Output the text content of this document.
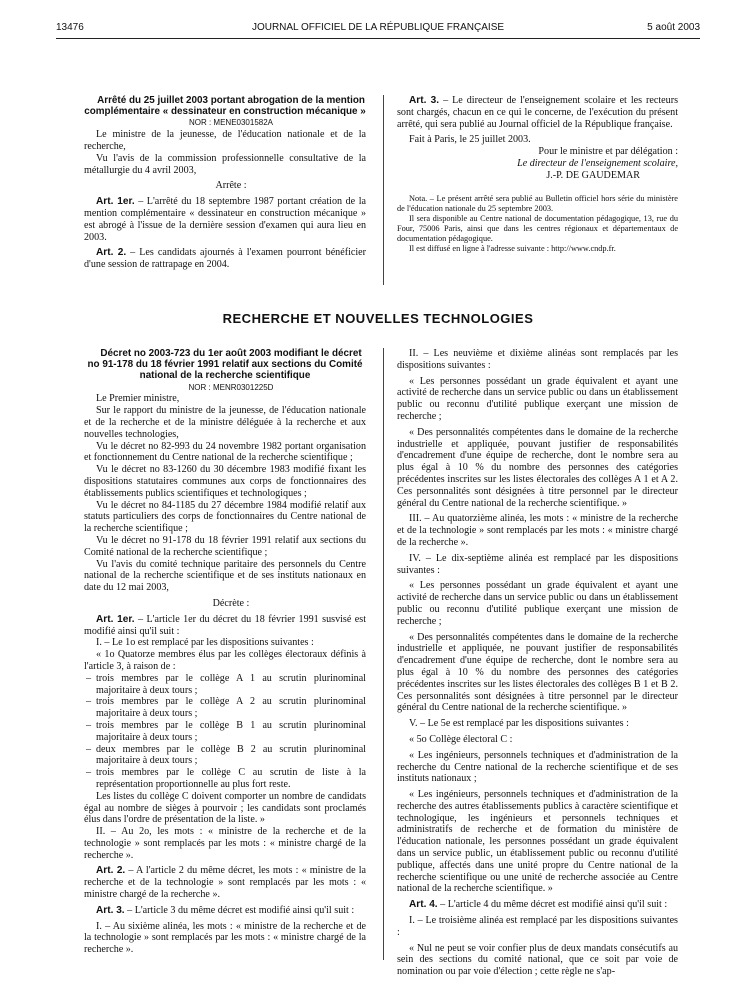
13476	JOURNAL OFFICIEL DE LA RÉPUBLIQUE FRANÇAISE	5 août 2003

Arrêté du 25 juillet 2003 portant abrogation de la mention complémentaire « dessinateur en construction mécanique »

NOR : MENE0301582A

Le ministre de la jeunesse, de l'éducation nationale et de la recherche,

Vu l'avis de la commission professionnelle consultative de la métallurgie du 4 avril 2003,

Arrête :

Art. 1er. – L'arrêté du 18 septembre 1987 portant création de la mention complémentaire « dessinateur en construction mécanique » est abrogé à l'issue de la dernière session d'examen qui aura lieu en 2003.

Art. 2. – Les candidats ajournés à l'examen pourront bénéficier d'une session de rattrapage en 2004.

Art. 3. – Le directeur de l'enseignement scolaire et les recteurs sont chargés, chacun en ce qui le concerne, de l'exécution du présent arrêté, qui sera publié au Journal officiel de la République française.

Fait à Paris, le 25 juillet 2003.

Pour le ministre et par délégation :

Le directeur de l'enseignement scolaire,

J.-P. DE GAUDEMAR

Nota. – Le présent arrêté sera publié au Bulletin officiel hors série du ministère de l'éducation nationale du 25 septembre 2003.

Il sera disponible au Centre national de documentation pédagogique, 13, rue du Four, 75006 Paris, ainsi que dans les centres régionaux et départementaux de documentation pédagogique.

Il est diffusé en ligne à l'adresse suivante : http://www.cndp.fr.

RECHERCHE ET NOUVELLES TECHNOLOGIES

Décret no 2003-723 du 1er août 2003 modifiant le décret no 91-178 du 18 février 1991 relatif aux sections du Comité national de la recherche scientifique

NOR : MENR0301225D

Le Premier ministre,

Sur le rapport du ministre de la jeunesse, de l'éducation nationale et de la recherche et de la ministre déléguée à la recherche et aux nouvelles technologies,

Vu le décret no 82-993 du 24 novembre 1982 portant organisation et fonctionnement du Centre national de la recherche scientifique ;

Vu le décret no 83-1260 du 30 décembre 1983 modifié fixant les dispositions statutaires communes aux corps de fonctionnaires des établissements publics scientifiques et technologiques ;

Vu le décret no 84-1185 du 27 décembre 1984 modifié relatif aux statuts particuliers des corps de fonctionnaires du Centre national de la recherche scientifique ;

Vu le décret no 91-178 du 18 février 1991 relatif aux sections du Comité national de la recherche scientifique ;

Vu l'avis du comité technique paritaire des personnels du Centre national de la recherche scientifique et de ses instituts nationaux en date du 12 mai 2003,

Décrète :

Art. 1er. – L'article 1er du décret du 18 février 1991 susvisé est modifié ainsi qu'il suit :

I. – Le 1o est remplacé par les dispositions suivantes :

« 1o Quatorze membres élus par les collèges électoraux définis à l'article 3, à raison de :

– trois membres par le collège A 1 au scrutin plurinominal majoritaire à deux tours ;

– trois membres par le collège A 2 au scrutin plurinominal majoritaire à deux tours ;

– trois membres par le collège B 1 au scrutin plurinominal majoritaire à deux tours ;

– deux membres par le collège B 2 au scrutin plurinominal majoritaire à deux tours ;

– trois membres par le collège C au scrutin de liste à la représentation proportionnelle au plus fort reste.

Les listes du collège C doivent comporter un nombre de candidats égal au nombre de sièges à pourvoir ; les candidats sont proclamés élus dans l'ordre de présentation de la liste. »

II. – Au 2o, les mots : « ministre de la recherche et de la technologie » sont remplacés par les mots : « ministre chargé de la recherche ».

Art. 2. – A l'article 2 du même décret, les mots : « ministre de la recherche et de la technologie » sont remplacés par les mots : « ministre chargé de la recherche ».

Art. 3. – L'article 3 du même décret est modifié ainsi qu'il suit :

I. – Au sixième alinéa, les mots : « ministre de la recherche et de la technologie » sont remplacés par les mots : « ministre chargé de la recherche ».

II. – Les neuvième et dixième alinéas sont remplacés par les dispositions suivantes :

« Les personnes possédant un grade équivalent et ayant une activité de recherche dans un service public ou dans un établissement public ou reconnu d'utilité publique exerçant une mission de recherche ;

« Des personnalités compétentes dans le domaine de la recherche industrielle et appliquée, pouvant justifier de responsabilités d'encadrement d'une équipe de recherche, dont le nombre sera au plus égal à 10 % du nombre des personnes des catégories précédentes inscrites sur les listes électorales des collèges A 1 et A 2. Ces personnalités sont désignées à titre personnel par le directeur général du Centre national de la recherche scientifique. »

III. – Au quatorzième alinéa, les mots : « ministre de la recherche et de la technologie » sont remplacés par les mots : « ministre chargé de la recherche ».

IV. – Le dix-septième alinéa est remplacé par les dispositions suivantes :

« Les personnes possédant un grade équivalent et ayant une activité de recherche dans un service public ou dans un établissement public ou reconnu d'utilité publique exerçant une mission de recherche ;

« Des personnalités compétentes dans le domaine de la recherche industrielle et appliquée, ne pouvant justifier de responsabilités d'encadrement d'une équipe de recherche, dont le nombre sera au plus égal à 10 % du nombre des personnes des catégories précédentes inscrites sur les listes électorales des collèges B 1 et B 2. Ces personnalités sont désignées à titre personnel par le directeur général du Centre national de la recherche scientifique. »

V. – Le 5e est remplacé par les dispositions suivantes :

« 5o Collège électoral C :

« Les ingénieurs, personnels techniques et d'administration de la recherche du Centre national de la recherche scientifique et de ses instituts nationaux ;

« Les ingénieurs, personnels techniques et d'administration de la recherche des autres établissements publics à caractère scientifique et technologique, les ingénieurs et personnels techniques et administratifs de recherche et de formation du ministère de l'éducation nationale, les personnes possédant un grade équivalent dans un service public, un établissement public ou reconnu d'utilité publique, affectés dans une unité propre du Centre national de la recherche scientifique ou une unité de recherche associée au Centre national de la recherche scientifique. »

Art. 4. – L'article 4 du même décret est modifié ainsi qu'il suit :

I. – Le troisième alinéa est remplacé par les dispositions suivantes :

« Nul ne peut se voir confier plus de deux mandats consécutifs au sein des sections du comité national, que ce soit par voie de nomination ou par voie d'élection ; cette règle ne s'ap-
